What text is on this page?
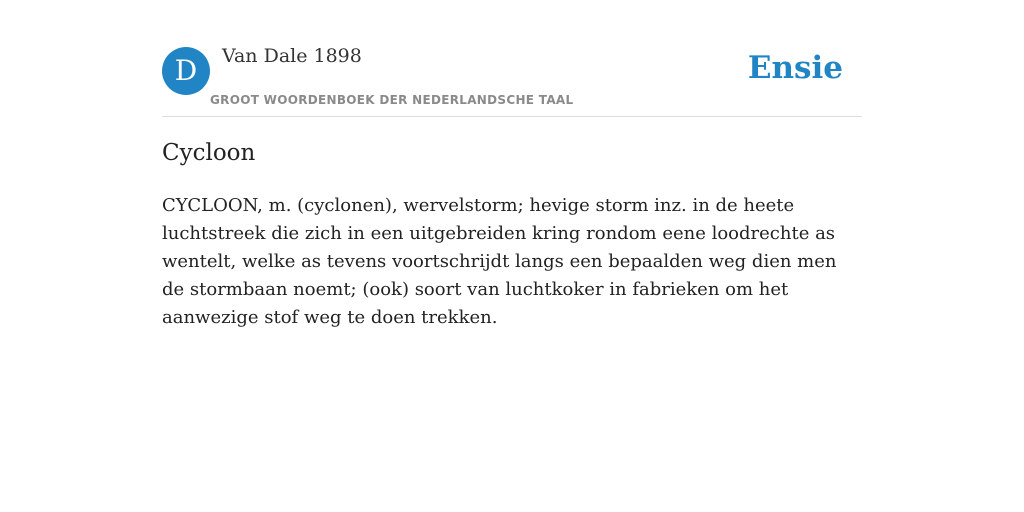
D	Van Dale 1898
GROOT WOORDENBOEK DER NEDERLANDSCHE TAAL
Ensie
Cycloon

CYCLOON, m. (cyclonen), wervelstorm; hevige storm inz. in de heete luchtstreek die zich in een uitgebreiden kring rondom eene loodrechte as wentelt, welke as tevens voortschrijdt langs een bepaalden weg dien men de stormbaan noemt; (ook) soort van luchtkoker in fabrieken om het aanwezige stof weg te doen trekken.
